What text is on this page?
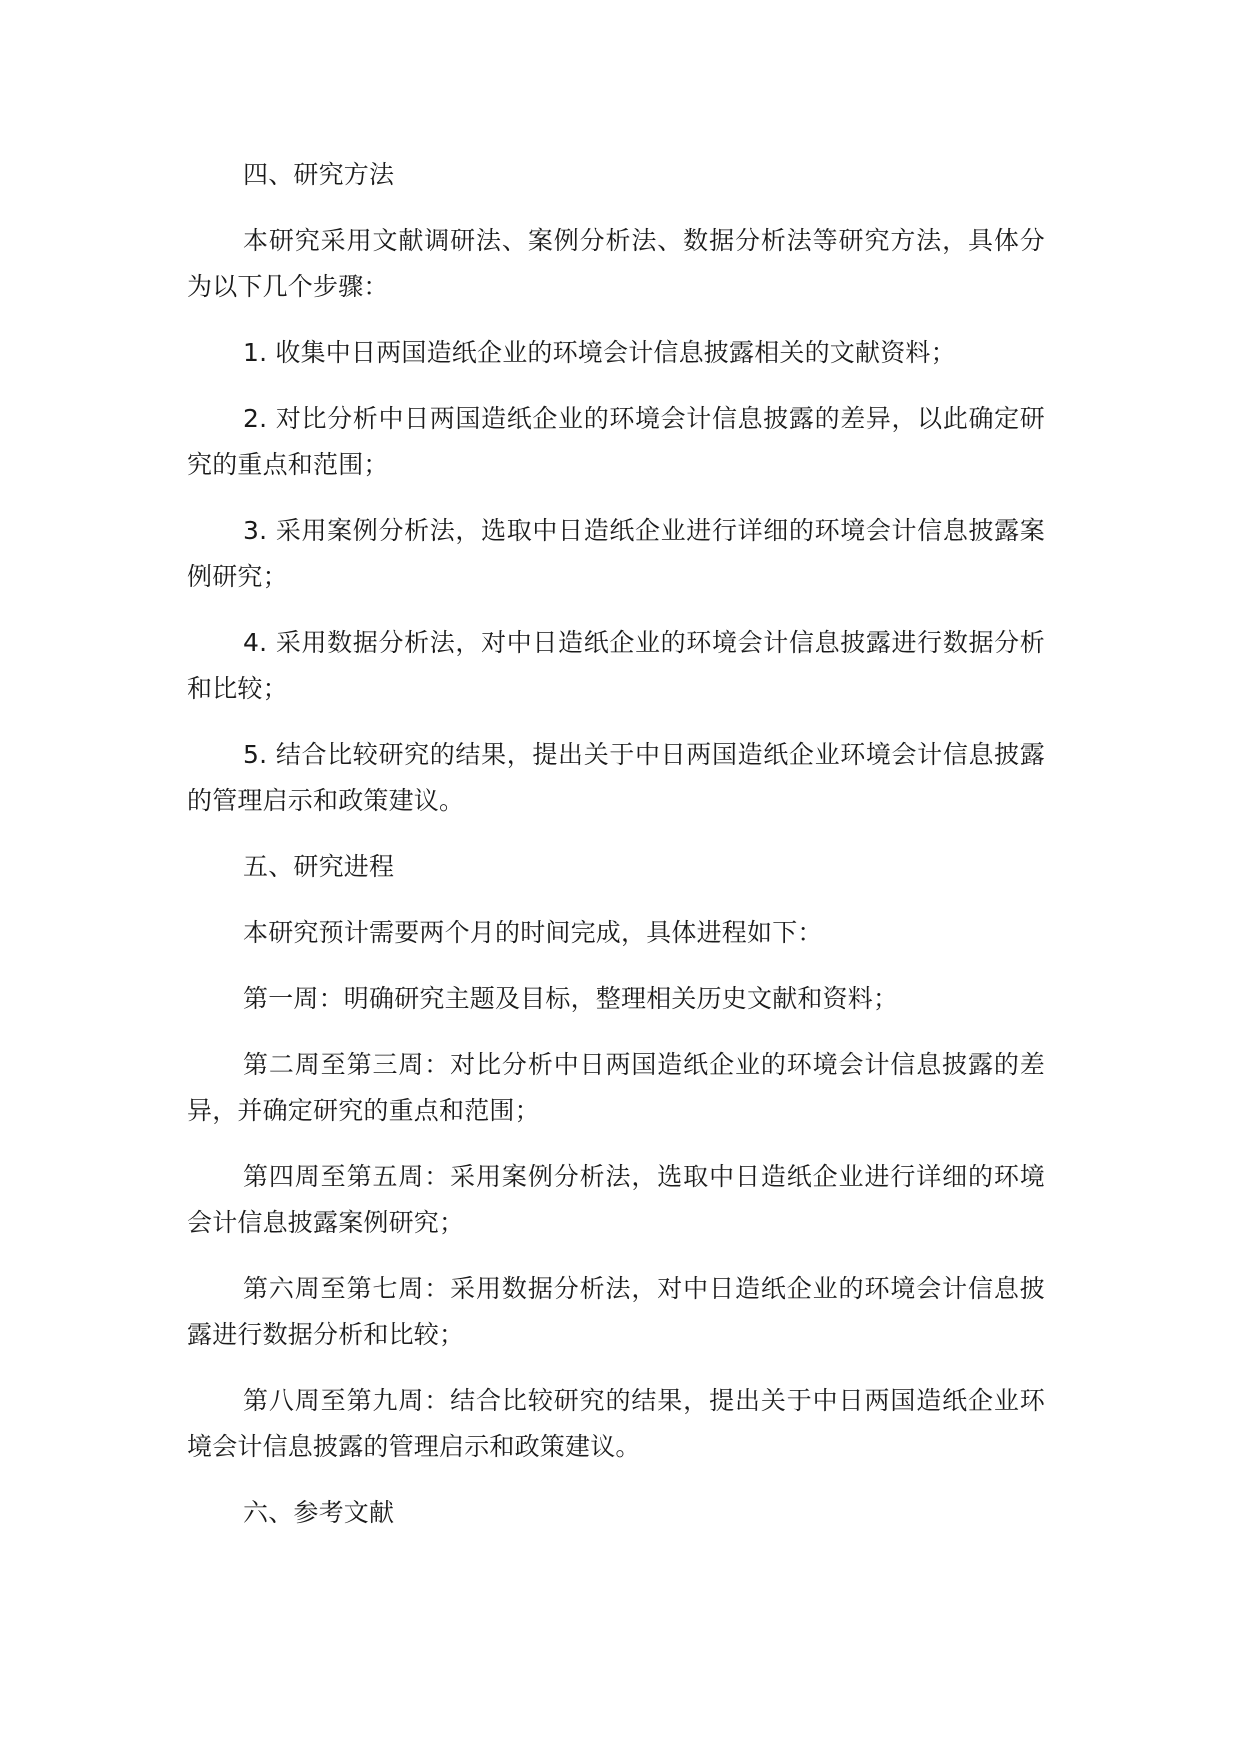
四、研究方法

本研究采用文献调研法、案例分析法、数据分析法等研究方法，具体分为以下几个步骤：

1. 收集中日两国造纸企业的环境会计信息披露相关的文献资料；

2. 对比分析中日两国造纸企业的环境会计信息披露的差异，以此确定研究的重点和范围；

3. 采用案例分析法，选取中日造纸企业进行详细的环境会计信息披露案例研究；

4. 采用数据分析法，对中日造纸企业的环境会计信息披露进行数据分析和比较；

5. 结合比较研究的结果，提出关于中日两国造纸企业环境会计信息披露的管理启示和政策建议。

五、研究进程

本研究预计需要两个月的时间完成，具体进程如下：

第一周：明确研究主题及目标，整理相关历史文献和资料；

第二周至第三周：对比分析中日两国造纸企业的环境会计信息披露的差异，并确定研究的重点和范围；

第四周至第五周：采用案例分析法，选取中日造纸企业进行详细的环境会计信息披露案例研究；

第六周至第七周：采用数据分析法，对中日造纸企业的环境会计信息披露进行数据分析和比较；

第八周至第九周：结合比较研究的结果，提出关于中日两国造纸企业环境会计信息披露的管理启示和政策建议。

六、参考文献
